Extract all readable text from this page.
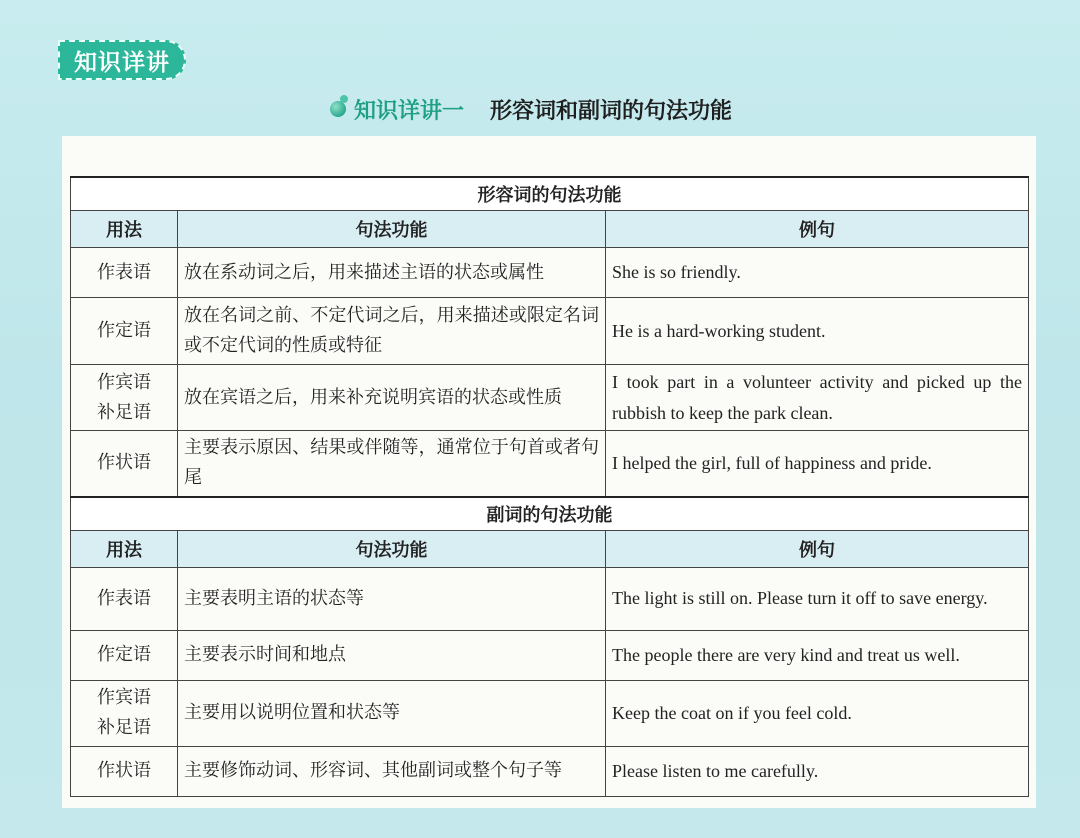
知识详讲
知识详讲一 形容词和副词的句法功能
形容词的句法功能		
用法	句法功能	例句
作表语	放在系动词之后，用来描述主语的状态或属性	She is so friendly.
作定语	放在名词之前、不定代词之后，用来描述或限定名词或不定代词的性质或特征	He is a hard-working student.
作宾语补足语	放在宾语之后，用来补充说明宾语的状态或性质	I took part in a volunteer activity and picked up the rubbish to keep the park clean.
作状语	主要表示原因、结果或伴随等，通常位于句首或者句尾	I helped the girl, full of happiness and pride.
副词的句法功能		
用法	句法功能	例句
作表语	主要表明主语的状态等	The light is still on. Please turn it off to save energy.
作定语	主要表示时间和地点	The people there are very kind and treat us well.
作宾语补足语	主要用以说明位置和状态等	Keep the coat on if you feel cold.
作状语	主要修饰动词、形容词、其他副词或整个句子等	Please listen to me carefully.
